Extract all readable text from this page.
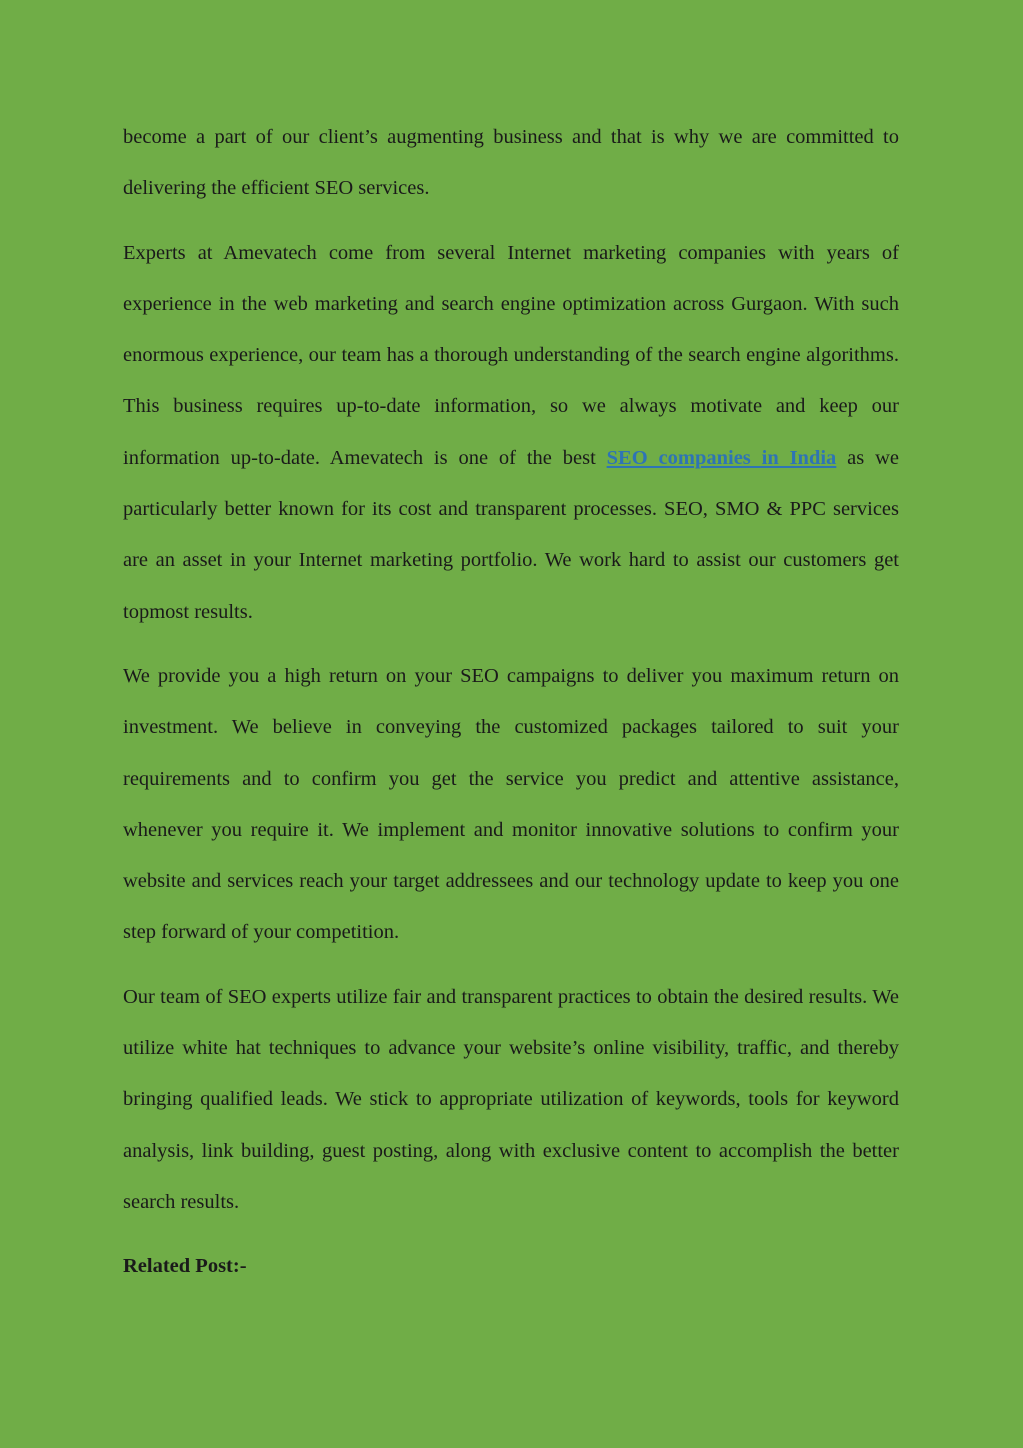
become a part of our client’s augmenting business and that is why we are committed to delivering the efficient SEO services.

Experts at Amevatech come from several Internet marketing companies with years of experience in the web marketing and search engine optimization across Gurgaon. With such enormous experience, our team has a thorough understanding of the search engine algorithms. This business requires up-to-date information, so we always motivate and keep our information up-to-date. Amevatech is one of the best SEO companies in India as we particularly better known for its cost and transparent processes. SEO, SMO & PPC services are an asset in your Internet marketing portfolio. We work hard to assist our customers get topmost results.

We provide you a high return on your SEO campaigns to deliver you maximum return on investment. We believe in conveying the customized packages tailored to suit your requirements and to confirm you get the service you predict and attentive assistance, whenever you require it. We implement and monitor innovative solutions to confirm your website and services reach your target addressees and our technology update to keep you one step forward of your competition.

Our team of SEO experts utilize fair and transparent practices to obtain the desired results. We utilize white hat techniques to advance your website’s online visibility, traffic, and thereby bringing qualified leads. We stick to appropriate utilization of keywords, tools for keyword analysis, link building, guest posting, along with exclusive content to accomplish the better search results.

Related Post:-
